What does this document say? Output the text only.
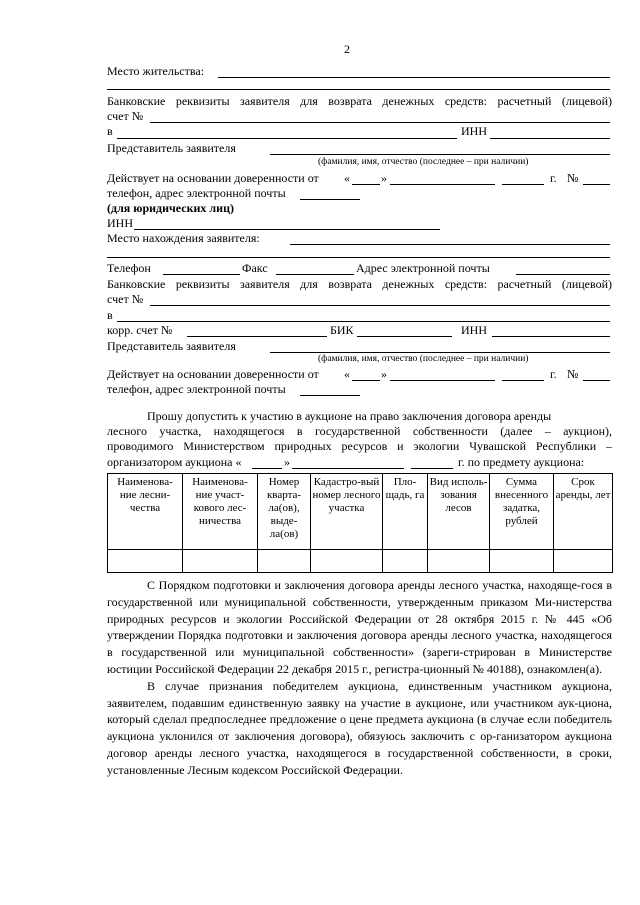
2
Место жительства:
Банковские реквизиты заявителя для возврата денежных средств: расчетный (лицевой)
счет №
в	ИНН
Представитель заявителя
(фамилия, имя, отчество (последнее – при наличии)
Действует на основании доверенности от «	»	г. №
телефон, адрес электронной почты
(для юридических лиц)
ИНН
Место нахождения заявителя:
Телефон	Факс	Адрес электронной почты
Банковские реквизиты заявителя для возврата денежных средств: расчетный (лицевой)
счет №
в
корр. счет №	БИК	ИНН
Представитель заявителя
(фамилия, имя, отчество (последнее – при наличии)
Действует на основании доверенности от «	»	г. №
телефон, адрес электронной почты
Прошу допустить к участию в аукционе на право заключения договора аренды
лесного участка, находящегося в государственной собственности (далее – аукцион),
проводимого Министерством природных ресурсов и экологии Чувашской Республики –
организатором аукциона «	»	г. по предмету аукциона:
Наименова-ние лесни-чества	Наименова-ние участ-кового лес-ничества	Номер кварта-ла(ов), выде-ла(ов)	Кадастро-вый номер лесного участка	Пло-щадь, га	Вид исполь-зования лесов	Сумма внесенного задатка, рублей	Срок аренды, лет

С Порядком подготовки и заключения договора аренды лесного участка, находяще-гося в государственной или муниципальной собственности, утвержденным приказом Ми-нистерства природных ресурсов и экологии Российской Федерации от 28 октября 2015 г. № 445 «Об утверждении Порядка подготовки и заключения договора аренды лесного участка, находящегося в государственной или муниципальной собственности» (зареги-стрирован в Министерстве юстиции Российской Федерации 22 декабря 2015 г., регистра-ционный № 40188), ознакомлен(а).

В случае признания победителем аукциона, единственным участником аукциона, заявителем, подавшим единственную заявку на участие в аукционе, или участником аук-циона, который сделал предпоследнее предложение о цене предмета аукциона (в случае если победитель аукциона уклонился от заключения договора), обязуюсь заключить с ор-ганизатором аукциона договор аренды лесного участка, находящегося в государственной собственности, в сроки, установленные Лесным кодексом Российской Федерации.
